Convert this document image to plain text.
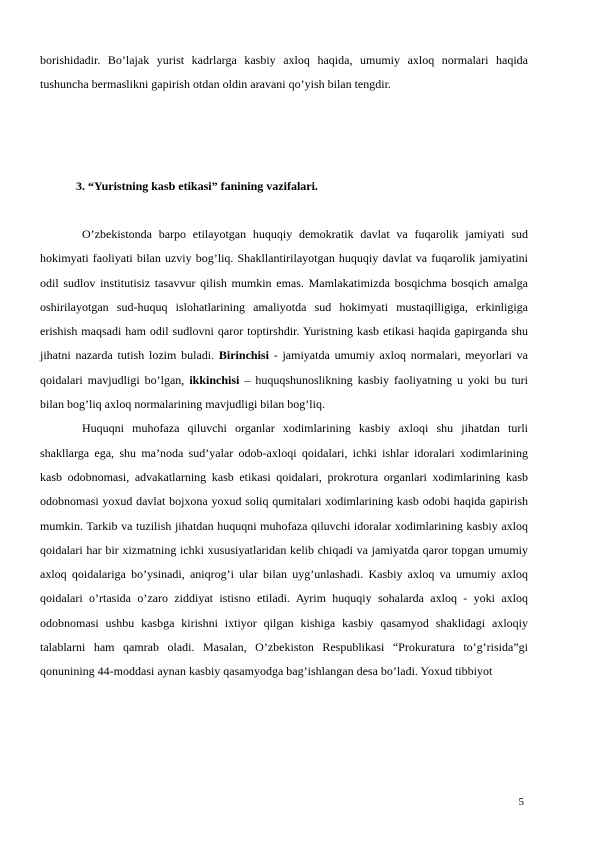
borishidadir. Bo’lajak yurist kadrlarga kasbiy axloq haqida, umumiy axloq normalari haqida tushuncha bermaslikni gapirish otdan oldin aravani qo’yish bilan tengdir.

3. “Yuristning kasb etikasi” fanining vazifalari.

O’zbekistonda barpo etilayotgan huquqiy demokratik davlat va fuqarolik jamiyati sud hokimyati faoliyati bilan uzviy bog’liq. Shakllantirilayotgan huquqiy davlat va fuqarolik jamiyatini odil sudlov institutisiz tasavvur qilish mumkin emas. Mamlakatimizda bosqichma bosqich amalga oshirilayotgan sud-huquq islohatlarining amaliyotda sud hokimyati mustaqilligiga, erkinligiga erishish maqsadi ham odil sudlovni qaror toptirshdir. Yuristning kasb etikasi haqida gapirganda shu jihatni nazarda tutish lozim buladi. Birinchisi - jamiyatda umumiy axloq normalari, meyorlari va qoidalari mavjudligi bo’lgan, ikkinchisi – huquqshunoslikning kasbiy faoliyatning u yoki bu turi bilan bog’liq axloq normalarining mavjudligi bilan bog’liq.

Huquqni muhofaza qiluvchi organlar xodimlarining kasbiy axloqi shu jihatdan turli shakllarga ega, shu ma’noda sud’yalar odob-axloqi qoidalari, ichki ishlar idoralari xodimlarining kasb odobnomasi, advakatlarning kasb etikasi qoidalari, prokrotura organlari xodimlarining kasb odobnomasi yoxud davlat bojxona yoxud soliq qumitalari xodimlarining kasb odobi haqida gapirish mumkin. Tarkib va tuzilish jihatdan huquqni muhofaza qiluvchi idoralar xodimlarining kasbiy axloq qoidalari har bir xizmatning ichki xususiyatlaridan kelib chiqadi va jamiyatda qaror topgan umumiy axloq qoidalariga bo’ysinadi, aniqrog’i ular bilan uyg’unlashadi. Kasbiy axloq va umumiy axloq qoidalari o’rtasida o’zaro ziddiyat istisno etiladi. Ayrim huquqiy sohalarda axloq - yoki axloq odobnomasi ushbu kasbga kirishni ixtiyor qilgan kishiga kasbiy qasamyod shaklidagi axloqiy talablarni ham qamrab oladi. Masalan, O’zbekiston Respublikasi “Prokuratura to’g’risida”gi qonunining 44-moddasi aynan kasbiy qasamyodga bag’ishlangan desa bo’ladi. Yoxud tibbiyot

5
